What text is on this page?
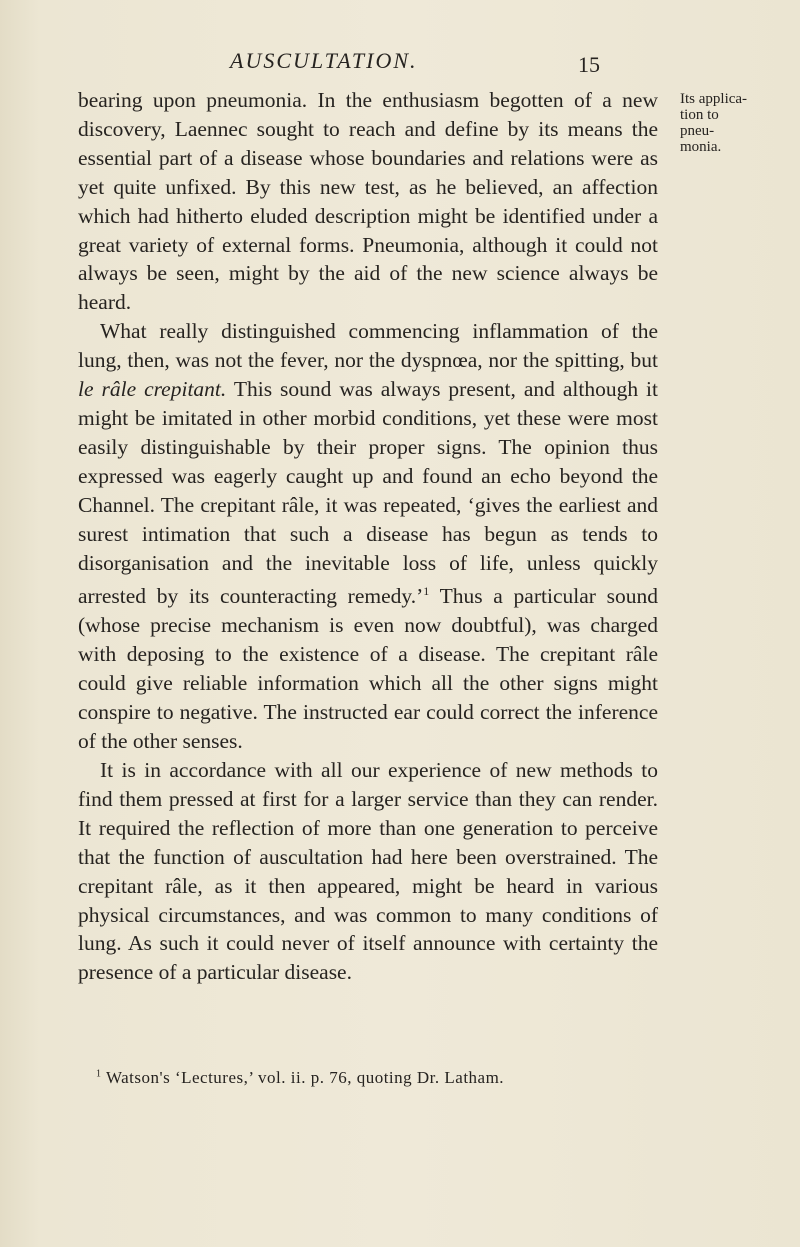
AUSCULTATION.	15
Its applica-
tion to
pneu-
monia.

bearing upon pneumonia. In the enthusiasm begotten of a new discovery, Laennec sought to reach and define by its means the essential part of a disease whose boundaries and relations were as yet quite unfixed. By this new test, as he believed, an affection which had hitherto eluded description might be identified under a great variety of external forms. Pneumonia, although it could not always be seen, might by the aid of the new science always be heard.

What really distinguished commencing inflammation of the lung, then, was not the fever, nor the dyspnœa, nor the spitting, but le râle crepitant. This sound was always present, and although it might be imitated in other morbid conditions, yet these were most easily distinguishable by their proper signs. The opinion thus expressed was eagerly caught up and found an echo beyond the Channel. The crepitant râle, it was repeated, ‘gives the earliest and surest intimation that such a disease has begun as tends to disorganisation and the inevitable loss of life, unless quickly arrested by its counteracting remedy.’$^1$ Thus a particular sound (whose precise mechanism is even now doubtful), was charged with deposing to the existence of a disease. The crepitant râle could give reliable information which all the other signs might conspire to negative. The instructed ear could correct the inference of the other senses.

It is in accordance with all our experience of new methods to find them pressed at first for a larger service than they can render. It required the reflection of more than one generation to perceive that the function of auscultation had here been overstrained. The crepitant râle, as it then appeared, might be heard in various physical circumstances, and was common to many conditions of lung. As such it could never of itself announce with certainty the presence of a particular disease.

$^1$ Watson's ‘Lectures,’ vol. ii. p. 76, quoting Dr. Latham.
